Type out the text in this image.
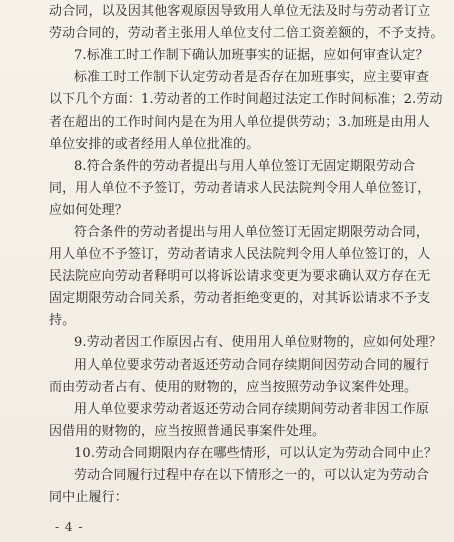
动合同，以及因其他客观原因导致用人单位无法及时与劳动者订立
劳动合同的，劳动者主张用人单位支付二倍工资差额的，不予支持。
7.标准工时工作制下确认加班事实的证据，应如何审查认定？
标准工时工作制下认定劳动者是否存在加班事实，应主要审查
以下几个方面：1.劳动者的工作时间超过法定工作时间标准；2.劳动
者在超出的工作时间内是在为用人单位提供劳动；3.加班是由用人
单位安排的或者经用人单位批准的。
8.符合条件的劳动者提出与用人单位签订无固定期限劳动合
同，用人单位不予签订，劳动者请求人民法院判令用人单位签订，
应如何处理？
符合条件的劳动者提出与用人单位签订无固定期限劳动合同，
用人单位不予签订，劳动者请求人民法院判令用人单位签订的，人
民法院应向劳动者释明可以将诉讼请求变更为要求确认双方存在无
固定期限劳动合同关系，劳动者拒绝变更的，对其诉讼请求不予支
持。
9.劳动者因工作原因占有、使用用人单位财物的，应如何处理？
用人单位要求劳动者返还劳动合同存续期间因劳动合同的履行
而由劳动者占有、使用的财物的，应当按照劳动争议案件处理。
用人单位要求劳动者返还劳动合同存续期间劳动者非因工作原
因借用的财物的，应当按照普通民事案件处理。
10.劳动合同期限内存在哪些情形，可以认定为劳动合同中止？
劳动合同履行过程中存在以下情形之一的，可以认定为劳动合
同中止履行：
- 4 -
